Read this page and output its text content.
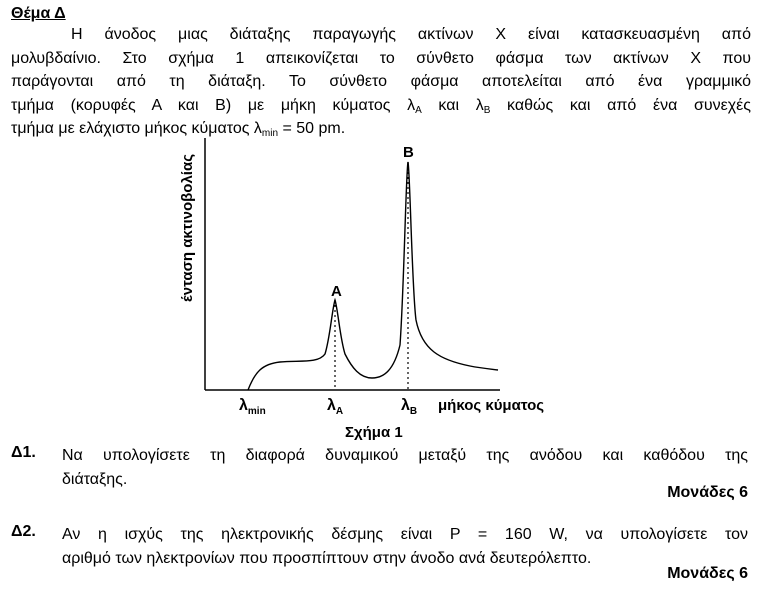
Θέμα Δ
Η άνοδος μιας διάταξης παραγωγής ακτίνων Χ είναι κατασκευασμένη από
μολυβδαίνιο. Στο σχήμα 1 απεικονίζεται το σύνθετο φάσμα των ακτίνων Χ που
παράγονται από τη διάταξη. Το σύνθετο φάσμα αποτελείται από ένα γραμμικό
τμήμα (κορυφές Α και Β) με μήκη κύματος $\lambda_A$ και $\lambda_B$ καθώς και από ένα συνεχές
τμήμα με ελάχιστο μήκος κύματος $\lambda_{min} = 50$ pm.
ένταση ακτινοβολίας	A
B
$\lambda_{min}$	$\lambda_A$	$\lambda_B$ μήκος κύματος
Σχήμα 1
Δ1. Να υπολογίσετε τη διαφορά δυναμικού μεταξύ της ανόδου και καθόδου της
διάταξης.
Μονάδες 6
Δ2. Αν η ισχύς της ηλεκτρονικής δέσμης είναι P = 160 W, να υπολογίσετε τον
αριθμό των ηλεκτρονίων που προσπίπτουν στην άνοδο ανά δευτερόλεπτο.
Μονάδες 6
